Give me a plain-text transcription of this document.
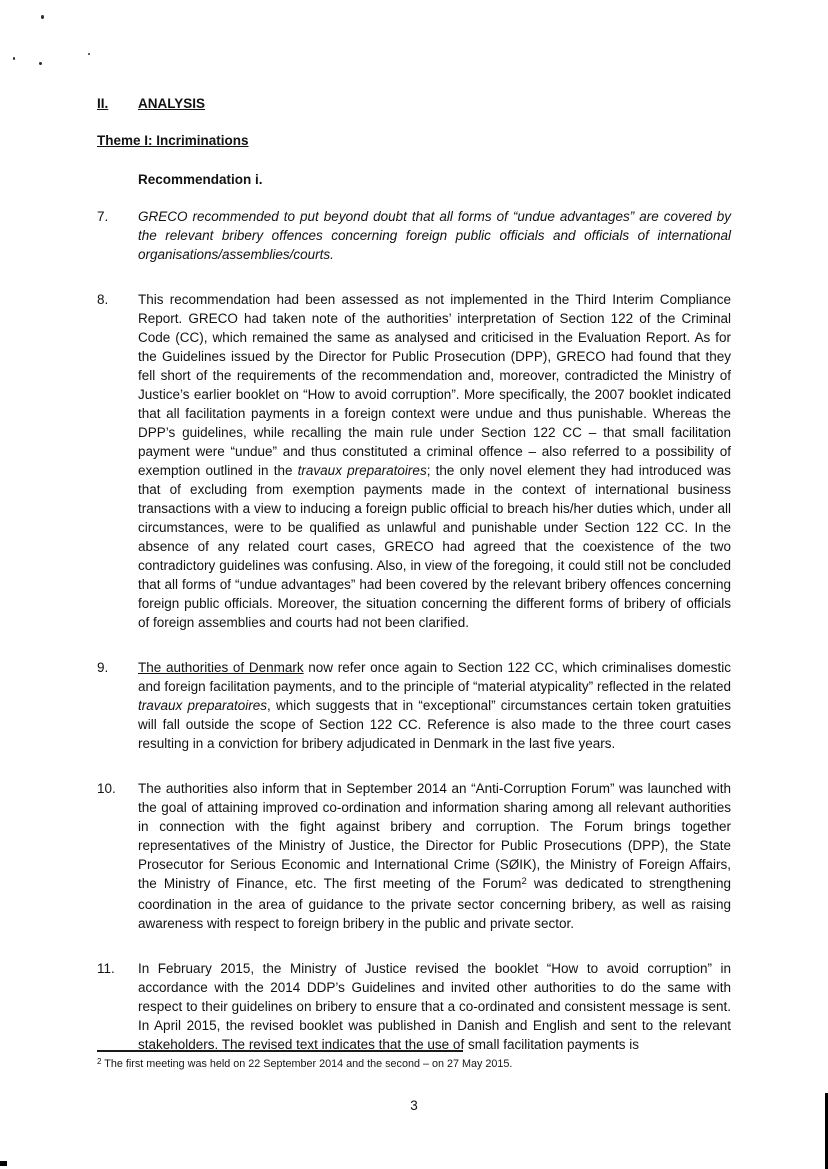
II.	ANALYSIS
Theme I: Incriminations
Recommendation i.
7.	GRECO recommended to put beyond doubt that all forms of “undue advantages” are covered by the relevant bribery offences concerning foreign public officials and officials of international organisations/assemblies/courts.
8.	This recommendation had been assessed as not implemented in the Third Interim Compliance Report. GRECO had taken note of the authorities’ interpretation of Section 122 of the Criminal Code (CC), which remained the same as analysed and criticised in the Evaluation Report. As for the Guidelines issued by the Director for Public Prosecution (DPP), GRECO had found that they fell short of the requirements of the recommendation and, moreover, contradicted the Ministry of Justice’s earlier booklet on “How to avoid corruption”. More specifically, the 2007 booklet indicated that all facilitation payments in a foreign context were undue and thus punishable. Whereas the DPP’s guidelines, while recalling the main rule under Section 122 CC – that small facilitation payment were “undue” and thus constituted a criminal offence – also referred to a possibility of exemption outlined in the travaux preparatoires; the only novel element they had introduced was that of excluding from exemption payments made in the context of international business transactions with a view to inducing a foreign public official to breach his/her duties which, under all circumstances, were to be qualified as unlawful and punishable under Section 122 CC. In the absence of any related court cases, GRECO had agreed that the coexistence of the two contradictory guidelines was confusing. Also, in view of the foregoing, it could still not be concluded that all forms of “undue advantages” had been covered by the relevant bribery offences concerning foreign public officials. Moreover, the situation concerning the different forms of bribery of officials of foreign assemblies and courts had not been clarified.
9.	The authorities of Denmark now refer once again to Section 122 CC, which criminalises domestic and foreign facilitation payments, and to the principle of “material atypicality” reflected in the related travaux preparatoires, which suggests that in “exceptional” circumstances certain token gratuities will fall outside the scope of Section 122 CC. Reference is also made to the three court cases resulting in a conviction for bribery adjudicated in Denmark in the last five years.
10.	The authorities also inform that in September 2014 an “Anti-Corruption Forum” was launched with the goal of attaining improved co-ordination and information sharing among all relevant authorities in connection with the fight against bribery and corruption. The Forum brings together representatives of the Ministry of Justice, the Director for Public Prosecutions (DPP), the State Prosecutor for Serious Economic and International Crime (SØIK), the Ministry of Foreign Affairs, the Ministry of Finance, etc. The first meeting of the Forum$^2$ was dedicated to strengthening coordination in the area of guidance to the private sector concerning bribery, as well as raising awareness with respect to foreign bribery in the public and private sector.
11.	In February 2015, the Ministry of Justice revised the booklet “How to avoid corruption” in accordance with the 2014 DDP’s Guidelines and invited other authorities to do the same with respect to their guidelines on bribery to ensure that a co-ordinated and consistent message is sent. In April 2015, the revised booklet was published in Danish and English and sent to the relevant stakeholders. The revised text indicates that the use of small facilitation payments is
$^2$ The first meeting was held on 22 September 2014 and the second – on 27 May 2015.
3
